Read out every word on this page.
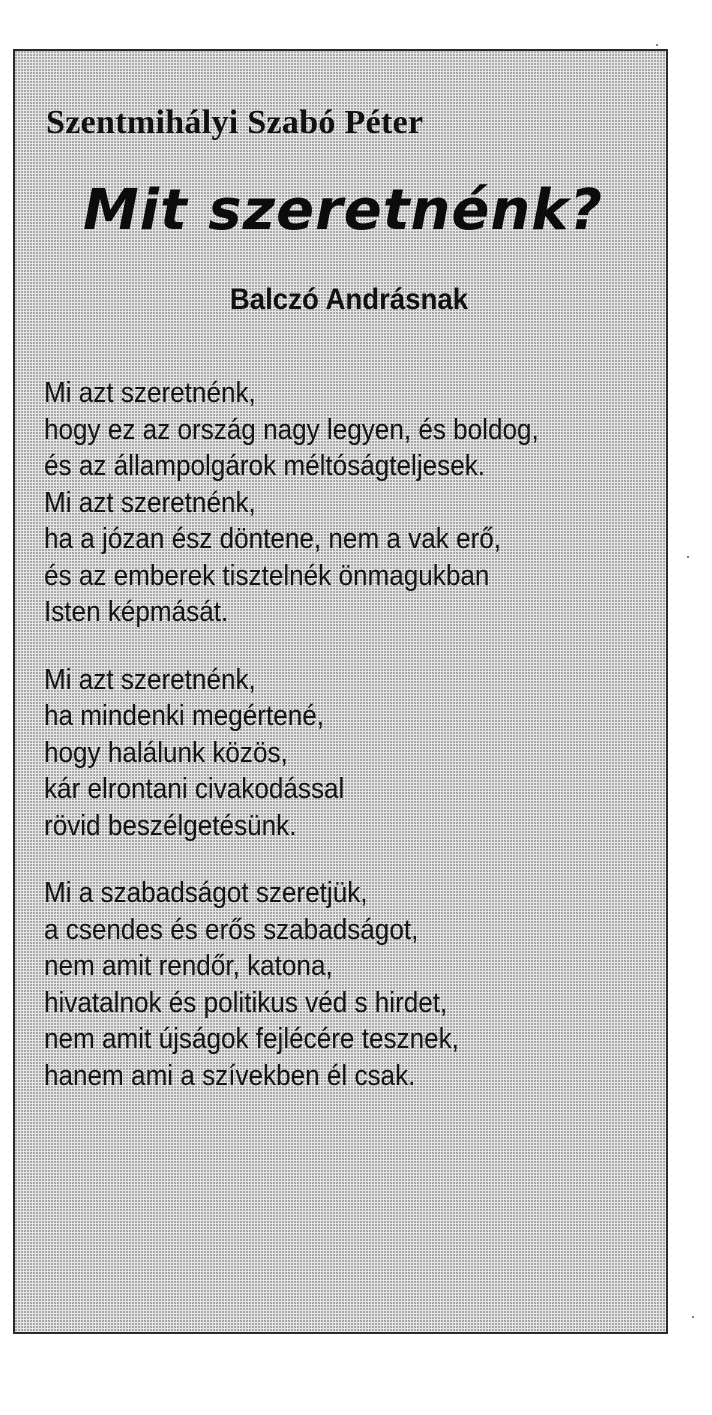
Szentmihályi Szabó Péter
Mit szeretnénk?
Balczó Andrásnak

Mi azt szeretnénk,
hogy ez az ország nagy legyen, és boldog,
és az állampolgárok méltóságteljesek.
Mi azt szeretnénk,
ha a józan ész döntene, nem a vak erő,
és az emberek tisztelnék önmagukban
Isten képmását.

Mi azt szeretnénk,
ha mindenki megértené,
hogy halálunk közös,
kár elrontani civakodással
rövid beszélgetésünk.

Mi a szabadságot szeretjük,
a csendes és erős szabadságot,
nem amit rendőr, katona,
hivatalnok és politikus véd s hirdet,
nem amit újságok fejlécére tesznek,
hanem ami a szívekben él csak.
